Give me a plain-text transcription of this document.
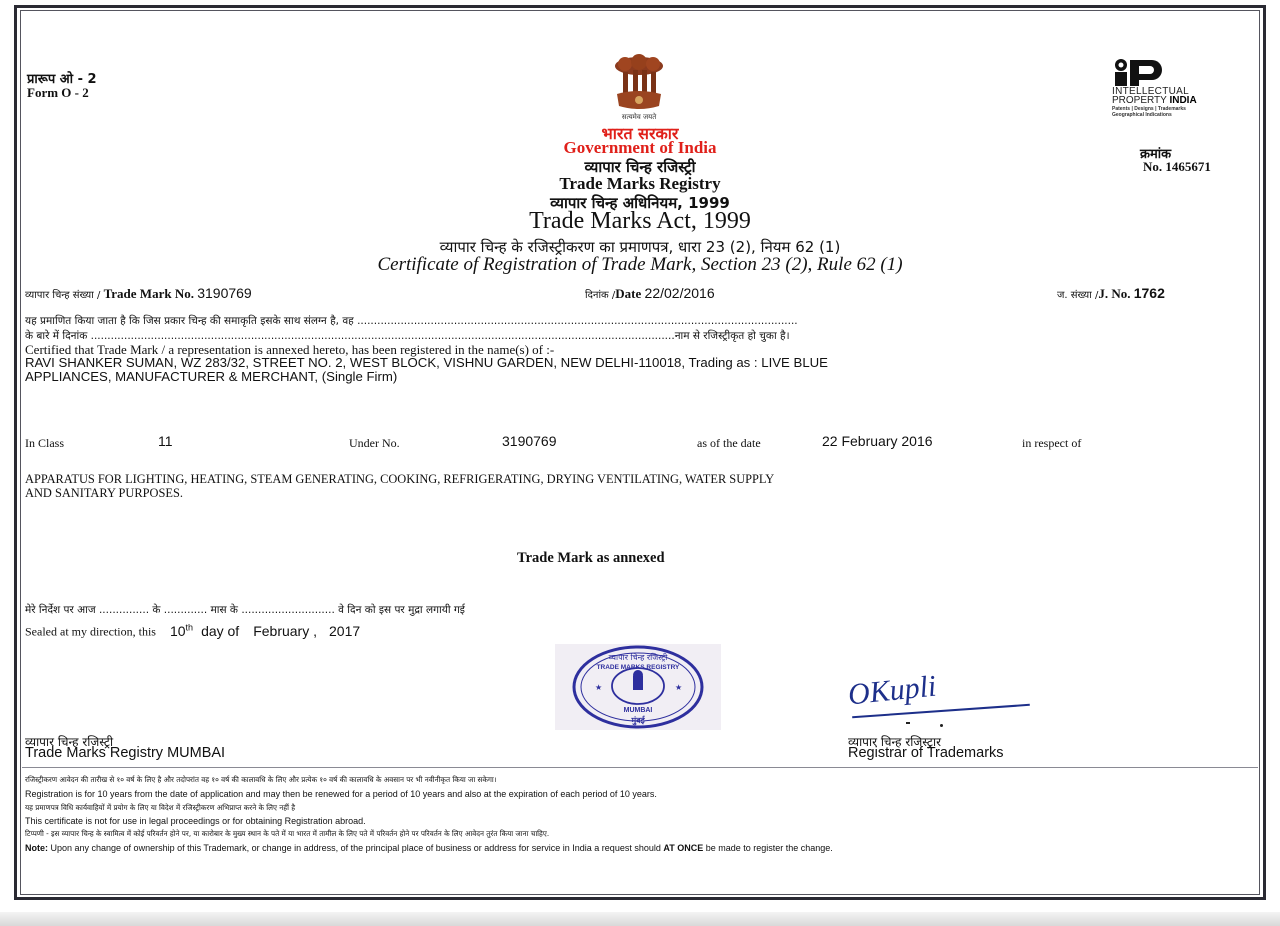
प्रारूप ओ - 2
Form O - 2
सत्यमेव जयते
भारत सरकार
Government of India
व्यापार चिन्ह रजिस्ट्री
Trade Marks Registry
व्यापार चिन्ह अधिनियम, 1999
Trade Marks Act, 1999
व्यापार चिन्ह के रजिस्ट्रीकरण का प्रमाणपत्र, धारा 23 (2), नियम 62 (1)
Certificate of Registration of Trade Mark, Section 23 (2), Rule 62 (1)
INTELLECTUAL
PROPERTY INDIA
Patents | Designs | Trademarks
Geographical Indications
क्रमांक
No. 1465671
व्यापार चिन्ह संख्या / Trade Mark No. 3190769	दिनांक /Date 22/02/2016	ज. संख्या /J. No. 1762
यह प्रमाणित किया जाता है कि जिस प्रकार चिन्ह की समाकृति इसके साथ संलग्न है, वह ....................................................................................................................................
के बारे में दिनांक ...............................................................................................................................................................................नाम से रजिस्ट्रीकृत हो चुका है।
Certified that Trade Mark / a representation is annexed hereto, has been registered in the name(s) of :-
RAVI SHANKER SUMAN, WZ 283/32, STREET NO. 2, WEST BLOCK, VISHNU GARDEN, NEW DELHI-110018, Trading as : LIVE BLUE
APPLIANCES, MANUFACTURER & MERCHANT, (Single Firm)
In Class	11	Under No.	3190769	as of the date	22 February 2016	in respect of
APPARATUS FOR LIGHTING, HEATING, STEAM GENERATING, COOKING, REFRIGERATING, DRYING VENTILATING, WATER SUPPLY
AND SANITARY PURPOSES.
Trade Mark as annexed
मेरे निर्देश पर आज ............... के ............. मास के ............................ वे दिन को इस पर मुद्रा लगायी गई
Sealed at my direction, this 10th day of February , 2017
★	★
व्यापार चिन्ह रजिस्ट्री
TRADE MARKS REGISTRY
MUMBAI
मुंबई
OKupli
व्यापार चिन्ह रजिस्ट्री
Trade Marks Registry MUMBAI
व्यापार चिन्ह रजिस्ट्रार
Registrar of Trademarks
रजिस्ट्रीकरण आवेदन की तारीख से १० वर्ष के लिए है और तदोपरांत वह १० वर्ष की कालावधि के लिए और प्रत्येक १० वर्ष की कालावधि के अवसान पर भी नवीनीकृत किया जा सकेगा।
Registration is for 10 years from the date of application and may then be renewed for a period of 10 years and also at the expiration of each period of 10 years.
यह प्रमाणपत्र विधि कार्यवाहियों में प्रयोग के लिए या विदेश में रजिस्ट्रीकरण अभिप्राप्त करने के लिए नहीं है
This certificate is not for use in legal proceedings or for obtaining Registration abroad.
टिप्पणी - इस व्यापार चिन्ह के स्वामित्व में कोई परिवर्तन होने पर, या कारोबार के मुख्य स्थान के पते में या भारत में तामील के लिए पते में परिवर्तन होने पर परिवर्तन के लिए आवेदन तुरंत किया जाना चाहिए.
Note: Upon any change of ownership of this Trademark, or change in address, of the principal place of business or address for service in India a request should AT ONCE be made to register the change.
